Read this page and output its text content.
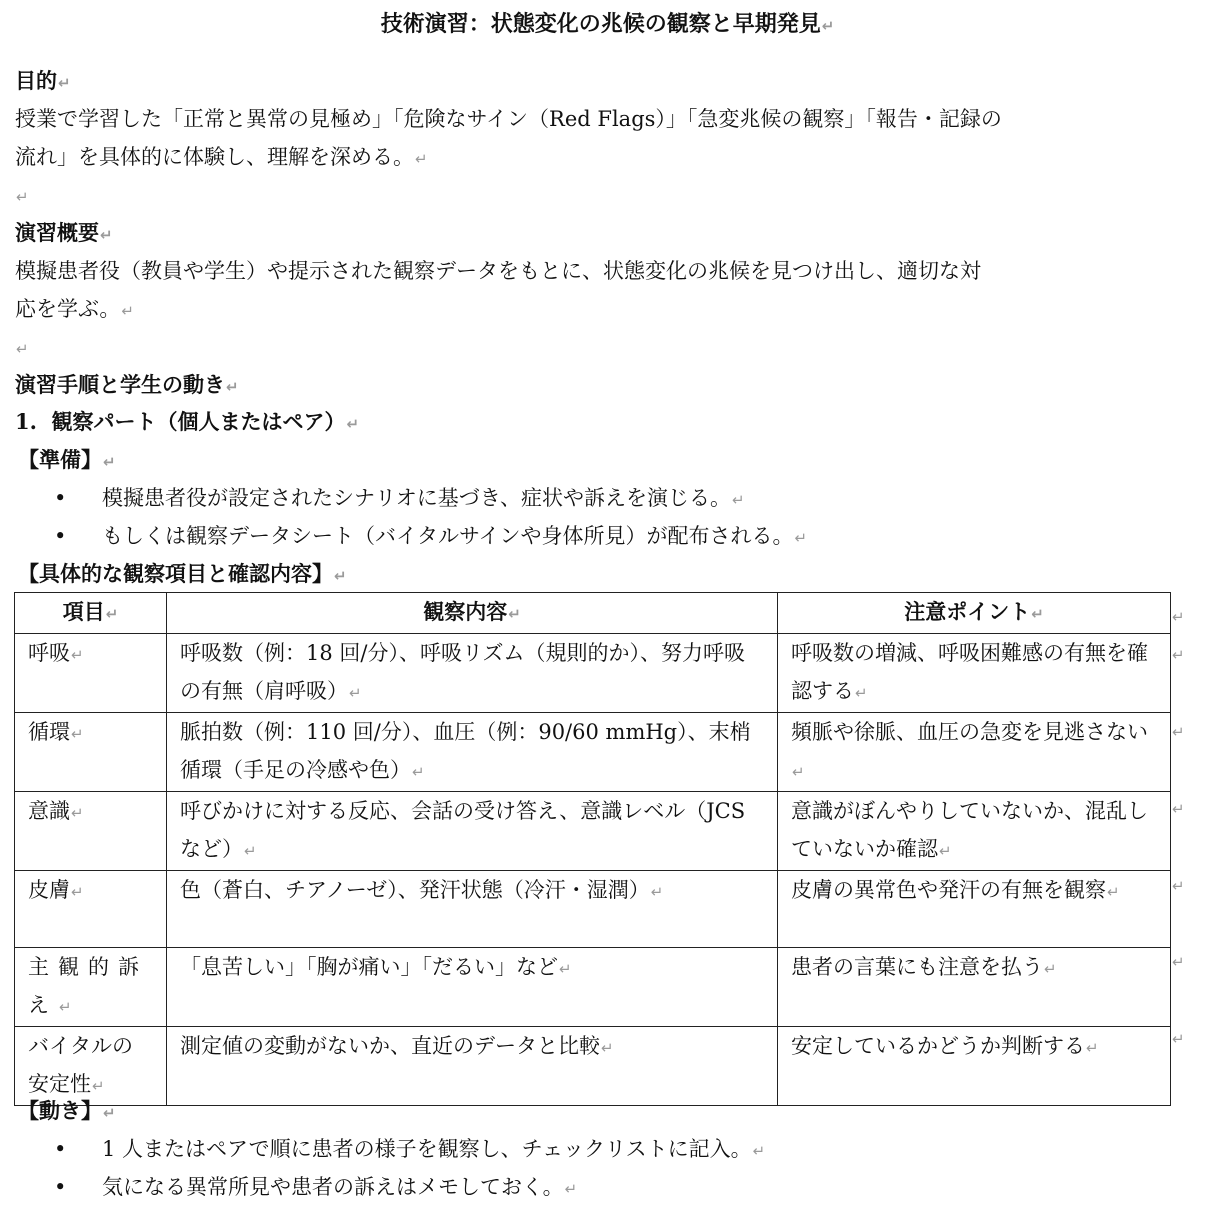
技術演習：状態変化の兆候の観察と早期発見↵
目的↵
授業で学習した「正常と異常の見極め」「危険なサイン（Red Flags）」「急変兆候の観察」「報告・記録の
流れ」を具体的に体験し、理解を深める。↵
↵
演習概要↵
模擬患者役（教員や学生）や提示された観察データをもとに、状態変化の兆候を見つけ出し、適切な対
応を学ぶ。↵
↵
演習手順と学生の動き↵
1.  観察パート（個人またはペア）↵
【準備】↵
• 模擬患者役が設定されたシナリオに基づき、症状や訴えを演じる。↵
• もしくは観察データシート（バイタルサインや身体所見）が配布される。↵
【具体的な観察項目と確認内容】↵
項目↵	観察内容↵	注意ポイント↵
呼吸↵	呼吸数（例：18 回/分）、呼吸リズム（規則的か）、努力呼吸の有無（肩呼吸）↵	呼吸数の増減、呼吸困難感の有無を確認する↵
循環↵	脈拍数（例：110 回/分）、血圧（例：90/60 mmHg）、末梢循環（手足の冷感や色）↵	頻脈や徐脈、血圧の急変を見逃さない↵
意識↵	呼びかけに対する反応、会話の受け答え、意識レベル（JCS など）↵	意識がぼんやりしていないか、混乱していないか確認↵
皮膚↵	色（蒼白、チアノーゼ）、発汗状態（冷汗・湿潤）↵	皮膚の異常色や発汗の有無を観察↵
主観的訴え↵	「息苦しい」「胸が痛い」「だるい」など↵	患者の言葉にも注意を払う↵
バイタルの安定性↵	測定値の変動がないか、直近のデータと比較↵	安定しているかどうか判断する↵
↵
↵
↵
↵
↵
↵
↵
【動き】↵
• 1 人またはペアで順に患者の様子を観察し、チェックリストに記入。↵
• 気になる異常所見や患者の訴えはメモしておく。↵
